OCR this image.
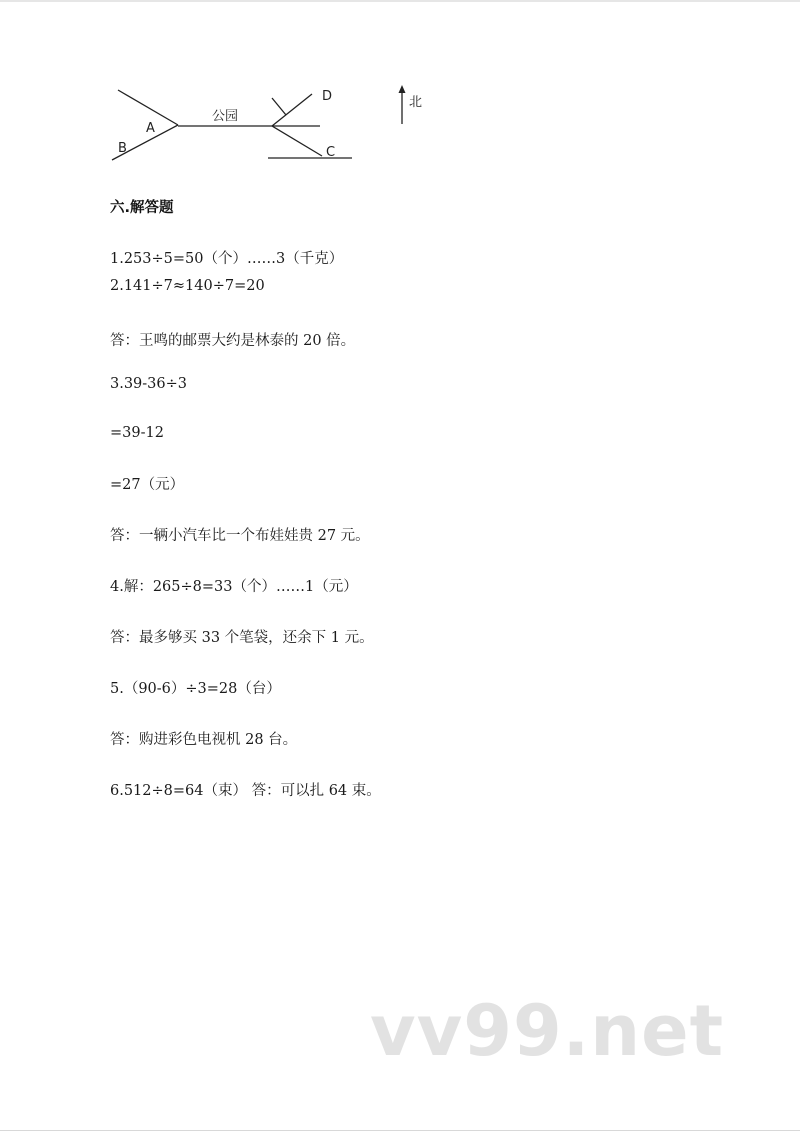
公园
A
B	C
D	北
六.解答题
1.253÷5=50（个）……3（千克）
2.141÷7≈140÷7=20
答：王鸣的邮票大约是林泰的 20 倍。
3.39-36÷3
=39-12
=27（元）
答：一辆小汽车比一个布娃娃贵 27 元。
4.解：265÷8=33（个）……1（元）
答：最多够买 33 个笔袋，还余下 1 元。
5.（90-6）÷3=28（台）
答：购进彩色电视机 28 台。
6.512÷8=64（束） 答：可以扎 64 束。
vv99.net
